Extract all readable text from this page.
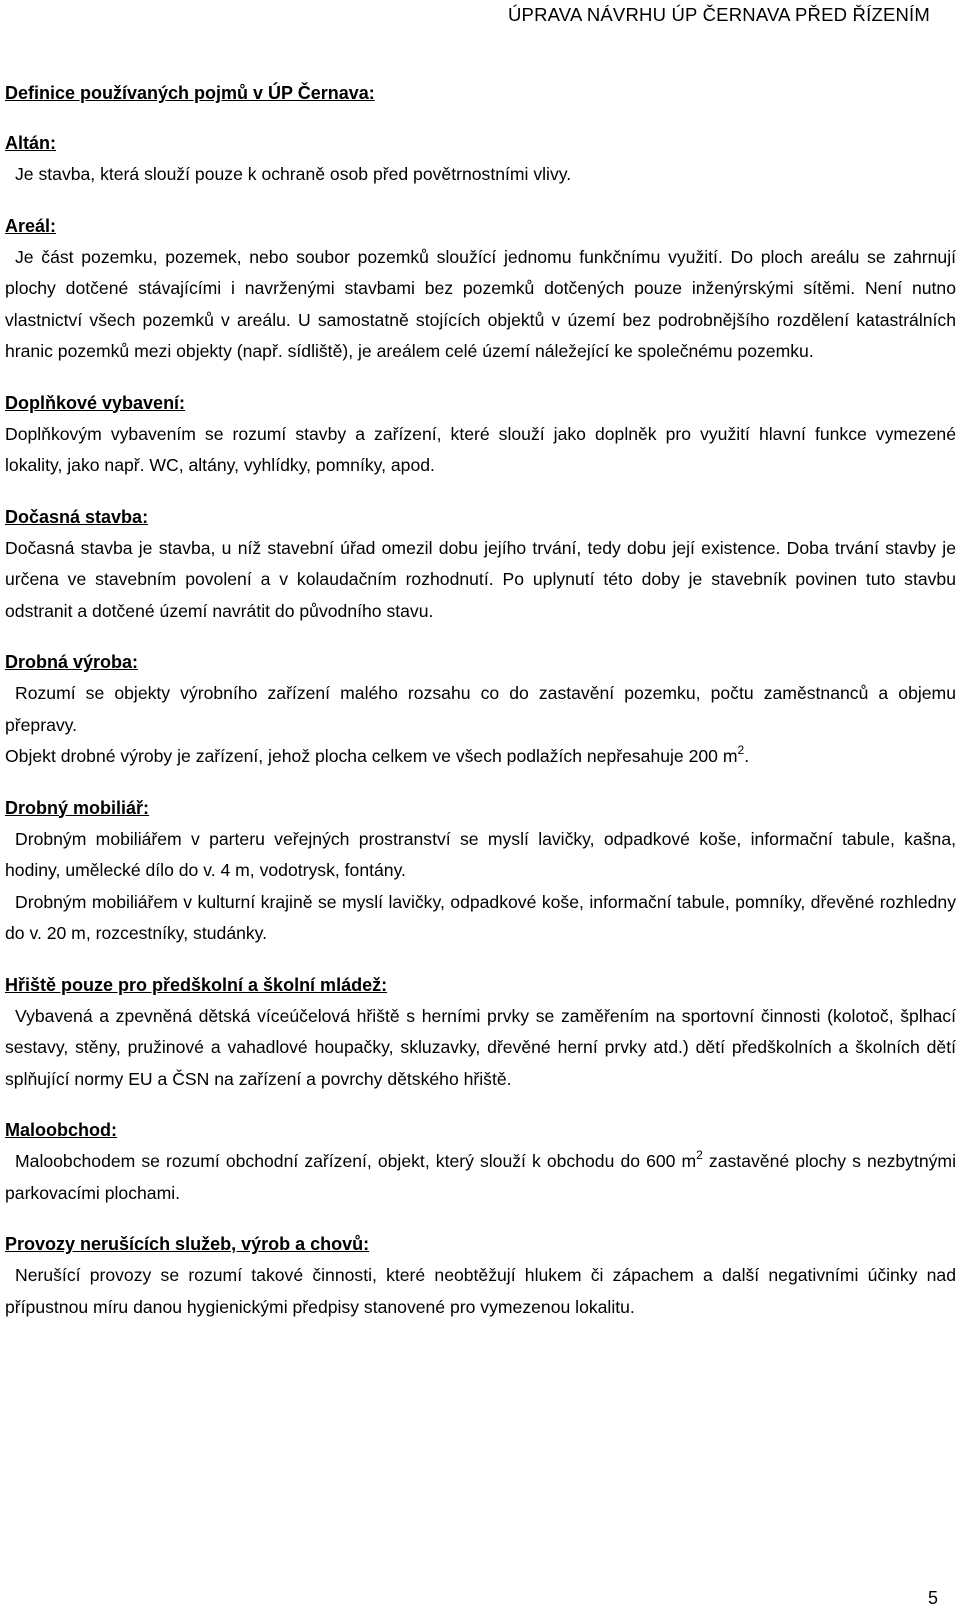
ÚPRAVA NÁVRHU ÚP ČERNAVA PŘED ŘÍZENÍM
Definice používaných pojmů v ÚP Černava:
Altán:

Je stavba, která slouží pouze k ochraně osob před povětrnostními vlivy.

Areál:

Je část pozemku, pozemek, nebo soubor pozemků sloužící jednomu funkčnímu využití. Do ploch areálu se zahrnují plochy dotčené stávajícími i navrženými stavbami bez pozemků dotčených pouze inženýrskými sítěmi. Není nutno vlastnictví všech pozemků v areálu. U samostatně stojících objektů v území bez podrobnějšího rozdělení katastrálních hranic pozemků mezi objekty (např. sídliště), je areálem celé území náležející ke společnému pozemku.

Doplňkové vybavení:

Doplňkovým vybavením se rozumí stavby a zařízení, které slouží jako doplněk pro využití hlavní funkce vymezené lokality, jako např. WC, altány, vyhlídky, pomníky, apod.

Dočasná stavba:

Dočasná stavba je stavba, u níž stavební úřad omezil dobu jejího trvání, tedy dobu její existence. Doba trvání stavby je určena ve stavebním povolení a v kolaudačním rozhodnutí. Po uplynutí této doby je stavebník povinen tuto stavbu odstranit a dotčené území navrátit do původního stavu.

Drobná výroba:

Rozumí se objekty výrobního zařízení malého rozsahu co do zastavění pozemku, počtu zaměstnanců a objemu přepravy.

Objekt drobné výroby je zařízení, jehož plocha celkem ve všech podlažích nepřesahuje 200 $m^2$.

Drobný mobiliář:

Drobným mobiliářem v parteru veřejných prostranství se myslí lavičky, odpadkové koše, informační tabule, kašna, hodiny, umělecké dílo do v. 4 m, vodotrysk, fontány.

Drobným mobiliářem v kulturní krajině se myslí lavičky, odpadkové koše, informační tabule, pomníky, dřevěné rozhledny do v. 20 m, rozcestníky, studánky.

Hřiště pouze pro předškolní a školní mládež:

Vybavená a zpevněná dětská víceúčelová hřiště s herními prvky se zaměřením na sportovní činnosti (kolotoč, šplhací sestavy, stěny, pružinové a vahadlové houpačky, skluzavky, dřevěné herní prvky atd.) dětí předškolních a školních dětí splňující normy EU a ČSN na zařízení a povrchy dětského hřiště.

Maloobchod:

Maloobchodem se rozumí obchodní zařízení, objekt, který slouží k obchodu do 600 $m^2$ zastavěné plochy s nezbytnými parkovacími plochami.

Provozy nerušících služeb, výrob a chovů:

Nerušící provozy se rozumí takové činnosti, které neobtěžují hlukem či zápachem a další negativními účinky nad přípustnou míru danou hygienickými předpisy stanovené pro vymezenou lokalitu.

5
